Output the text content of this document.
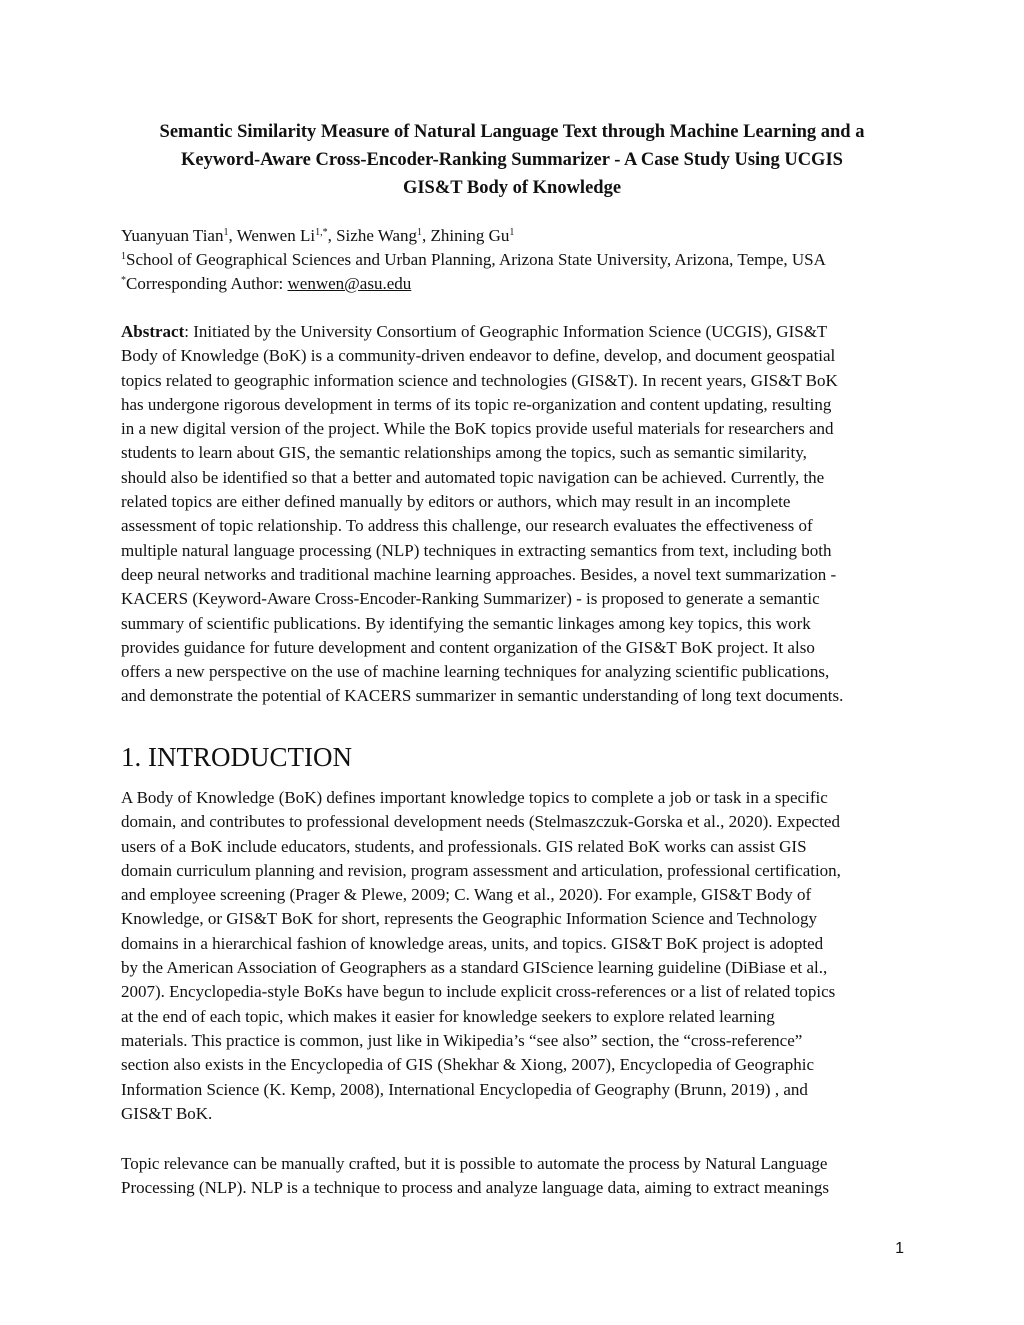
Semantic Similarity Measure of Natural Language Text through Machine Learning and a
Keyword-Aware Cross-Encoder-Ranking Summarizer - A Case Study Using UCGIS
GIS&T Body of Knowledge
Yuanyuan Tian$^1$, Wenwen $Li^{1,*}$, Sizhe Wang$^1$, Zhining Gu$^1$
$^1$School of Geographical Sciences and Urban Planning, Arizona State University, Arizona, Tempe, USA
*Corresponding Author: wenwen@asu.edu
Abstract: Initiated by the University Consortium of Geographic Information Science (UCGIS), GIS&T
Body of Knowledge (BoK) is a community-driven endeavor to define, develop, and document geospatial
topics related to geographic information science and technologies (GIS&T). In recent years, GIS&T BoK
has undergone rigorous development in terms of its topic re-organization and content updating, resulting
in a new digital version of the project. While the BoK topics provide useful materials for researchers and
students to learn about GIS, the semantic relationships among the topics, such as semantic similarity,
should also be identified so that a better and automated topic navigation can be achieved. Currently, the
related topics are either defined manually by editors or authors, which may result in an incomplete
assessment of topic relationship. To address this challenge, our research evaluates the effectiveness of
multiple natural language processing (NLP) techniques in extracting semantics from text, including both
deep neural networks and traditional machine learning approaches. Besides, a novel text summarization -
KACERS (Keyword-Aware Cross-Encoder-Ranking Summarizer) - is proposed to generate a semantic
summary of scientific publications. By identifying the semantic linkages among key topics, this work
provides guidance for future development and content organization of the GIS&T BoK project. It also
offers a new perspective on the use of machine learning techniques for analyzing scientific publications,
and demonstrate the potential of KACERS summarizer in semantic understanding of long text documents.
1. INTRODUCTION
A Body of Knowledge (BoK) defines important knowledge topics to complete a job or task in a specific
domain, and contributes to professional development needs (Stelmaszczuk-Gorska et al., 2020). Expected
users of a BoK include educators, students, and professionals. GIS related BoK works can assist GIS
domain curriculum planning and revision, program assessment and articulation, professional certification,
and employee screening (Prager & Plewe, 2009; C. Wang et al., 2020). For example, GIS&T Body of
Knowledge, or GIS&T BoK for short, represents the Geographic Information Science and Technology
domains in a hierarchical fashion of knowledge areas, units, and topics. GIS&T BoK project is adopted
by the American Association of Geographers as a standard GIScience learning guideline (DiBiase et al.,
2007). Encyclopedia-style BoKs have begun to include explicit cross-references or a list of related topics
at the end of each topic, which makes it easier for knowledge seekers to explore related learning
materials. This practice is common, just like in Wikipedia’s “see also” section, the “cross-reference”
section also exists in the Encyclopedia of GIS (Shekhar & Xiong, 2007), Encyclopedia of Geographic
Information Science (K. Kemp, 2008), International Encyclopedia of Geography (Brunn, 2019) , and
GIS&T BoK.
Topic relevance can be manually crafted, but it is possible to automate the process by Natural Language
Processing (NLP). NLP is a technique to process and analyze language data, aiming to extract meanings
1
